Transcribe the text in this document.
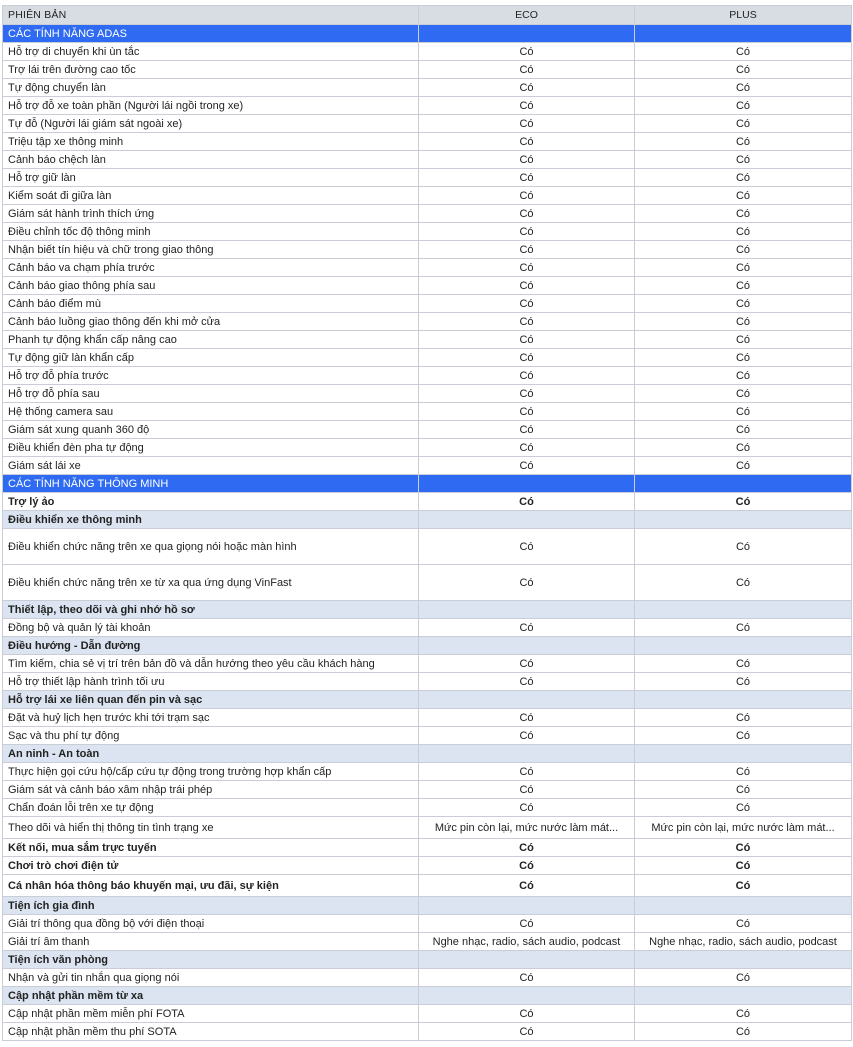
PHIÊN BẢN	ECO	PLUS
CÁC TÍNH NĂNG ADAS		
Hỗ trợ di chuyển khi ùn tắc	Có	Có
Trợ lái trên đường cao tốc	Có	Có
Tự động chuyển làn	Có	Có
Hỗ trợ đỗ xe toàn phần (Người lái ngồi trong xe)	Có	Có
Tự đỗ (Người lái giám sát ngoài xe)	Có	Có
Triệu tập xe thông minh	Có	Có
Cảnh báo chệch làn	Có	Có
Hỗ trợ giữ làn	Có	Có
Kiểm soát đi giữa làn	Có	Có
Giám sát hành trình thích ứng	Có	Có
Điều chỉnh tốc độ thông minh	Có	Có
Nhận biết tín hiệu và chữ trong giao thông	Có	Có
Cảnh báo va chạm phía trước	Có	Có
Cảnh báo giao thông phía sau	Có	Có
Cảnh báo điểm mù	Có	Có
Cảnh báo luồng giao thông đến khi mở cửa	Có	Có
Phanh tự động khẩn cấp nâng cao	Có	Có
Tự động giữ làn khẩn cấp	Có	Có
Hỗ trợ đỗ phía trước	Có	Có
Hỗ trợ đỗ phía sau	Có	Có
Hệ thống camera sau	Có	Có
Giám sát xung quanh 360 độ	Có	Có
Điều khiển đèn pha tự động	Có	Có
Giám sát lái xe	Có	Có
CÁC TÍNH NĂNG THÔNG MINH		
Trợ lý ảo	Có	Có
Điều khiển xe thông minh		
Điều khiển chức năng trên xe qua giọng nói hoặc màn hình	Có	Có
Điều khiển chức năng trên xe từ xa qua ứng dụng VinFast	Có	Có
Thiết lập, theo dõi và ghi nhớ hồ sơ		
Đồng bộ và quản lý tài khoản	Có	Có
Điều hướng - Dẫn đường		
Tìm kiếm, chia sẻ vị trí trên bản đồ và dẫn hướng theo yêu cầu khách hàng	Có	Có
Hỗ trợ thiết lập hành trình tối ưu	Có	Có
Hỗ trợ lái xe liên quan đến pin và sạc		
Đặt và huỷ lịch hẹn trước khi tới trạm sạc	Có	Có
Sạc và thu phí tự động	Có	Có
An ninh - An toàn		
Thực hiện gọi cứu hộ/cấp cứu tự động trong trường hợp khẩn cấp	Có	Có
Giám sát và cảnh báo xâm nhập trái phép	Có	Có
Chẩn đoán lỗi trên xe tự động	Có	Có
Theo dõi và hiển thị thông tin tình trạng xe	Mức pin còn lại, mức nước làm mát...	Mức pin còn lại, mức nước làm mát...
Kết nối, mua sắm trực tuyến	Có	Có
Chơi trò chơi điện tử	Có	Có
Cá nhân hóa thông báo khuyến mại, ưu đãi, sự kiện	Có	Có
Tiện ích gia đình		
Giải trí thông qua đồng bộ với điện thoại	Có	Có
Giải trí âm thanh	Nghe nhạc, radio, sách audio, podcast	Nghe nhạc, radio, sách audio, podcast
Tiện ích văn phòng		
Nhận và gửi tin nhắn qua giọng nói	Có	Có
Cập nhật phần mềm từ xa		
Cập nhật phần mềm miễn phí FOTA	Có	Có
Cập nhật phần mềm thu phí SOTA	Có	Có
